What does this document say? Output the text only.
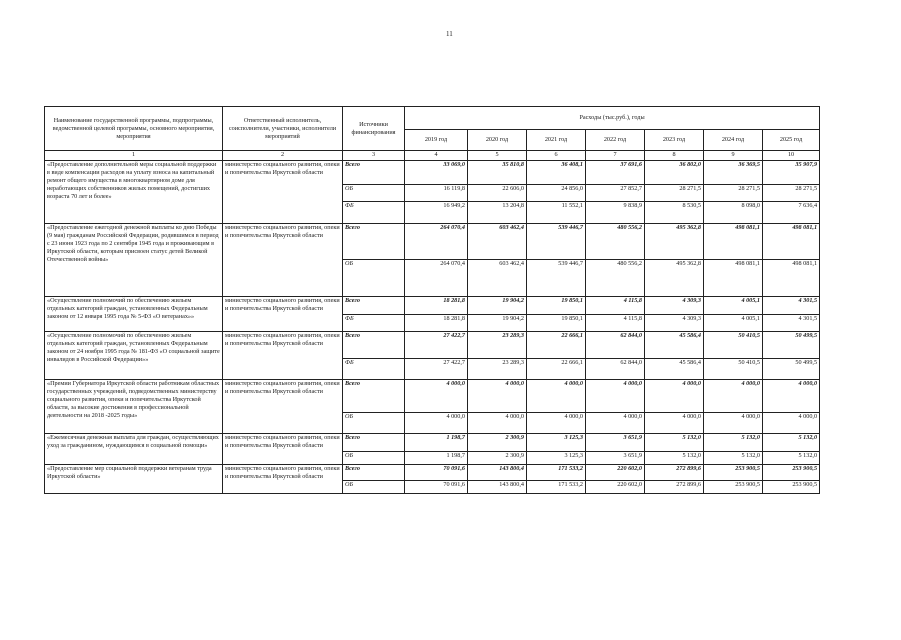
11
Наименование государственной программы, подпрограммы, ведомственной целевой программы, основного мероприятия, мероприятия	Ответственный исполнитель, соисполнители, участники, исполнители мероприятий	Источники финансирования	Расходы (тыс.руб.), годы						
			2019 год	2020 год	2021 год	2022 год	2023 год	2024 год	2025 год
1	2	3	4	5	6	7	8	9	10
«Предоставление дополнительной меры социальной поддержки в виде компенсации расходов на уплату взноса на капитальный ремонт общего имущества в многоквартирном доме для неработающих собственников жилых помещений, достигших возраста 70 лет и более»	министерство социального развития, опеки и попечительства Иркутской области	Всего	33 069,0	35 810,8	36 408,1	37 691,6	36 802,0	36 369,5	35 907,9
		ОБ	16 119,8	22 606,0	24 856,0	27 852,7	28 271,5	28 271,5	28 271,5
		ФБ	16 949,2	13 204,8	11 552,1	9 838,9	8 530,5	8 098,0	7 636,4
«Предоставление ежегодной денежной выплаты ко дню Победы (9 мая) гражданам Российской Федерации, родившимся в период с 23 июня 1923 года по 2 сентября 1945 года и проживающим в Иркутской области, которым присвоен статус детей Великой Отечественной войны»	министерство социального развития, опеки и попечительства Иркутской области	Всего	264 070,4	603 462,4	539 446,7	480 556,2	495 362,8	498 081,1	498 081,1
		ОБ	264 070,4	603 462,4	539 446,7	480 556,2	495 362,8	498 081,1	498 081,1
«Осуществление полномочий по обеспечению жильем отдельных категорий граждан, установленных Федеральным законом от 12 января 1995 года № 5-ФЗ «О ветеранах»»	министерство социального развития, опеки и попечительства Иркутской области	Всего	18 281,8	19 904,2	19 850,1	4 115,8	4 309,3	4 005,1	4 301,5
		ФБ	18 281,8	19 904,2	19 850,1	4 115,8	4 309,3	4 005,1	4 301,5
«Осуществление полномочий по обеспечению жильем отдельных категорий граждан, установленных Федеральным законом от 24 ноября 1995 года № 181-ФЗ «О социальной защите инвалидов в Российской Федерации»»	министерство социального развития, опеки и попечительства Иркутской области	Всего	27 422,7	23 289,3	22 666,1	62 844,0	45 586,4	50 410,5	50 499,5
		ФБ	27 422,7	23 289,3	22 666,1	62 844,0	45 586,4	50 410,5	50 499,5
«Премии Губернатора Иркутской области работникам областных государственных учреждений, подведомственных министерству социального развития, опеки и попечительства Иркутской области, за высокие достижения в профессиональной деятельности на 2018 -2025 годы»	министерство социального развития, опеки и попечительства Иркутской области	Всего	4 000,0	4 000,0	4 000,0	4 000,0	4 000,0	4 000,0	4 000,0
		ОБ	4 000,0	4 000,0	4 000,0	4 000,0	4 000,0	4 000,0	4 000,0
«Ежемесячная денежная выплата для граждан, осуществляющих уход за гражданином, нуждающимся в социальной помощи»	министерство социального развития, опеки и попечительства Иркутской области	Всего	1 198,7	2 300,9	3 125,3	3 651,9	5 132,0	5 132,0	5 132,0
		ОБ	1 198,7	2 300,9	3 125,3	3 651,9	5 132,0	5 132,0	5 132,0
«Предоставление мер социальной поддержки ветеранам труда Иркутской области»	министерство социального развития, опеки и попечительства Иркутской области	Всего	70 091,6	143 800,4	171 533,2	220 602,0	272 899,6	253 900,5	253 900,5
		ОБ	70 091,6	143 800,4	171 533,2	220 602,0	272 899,6	253 900,5	253 900,5
